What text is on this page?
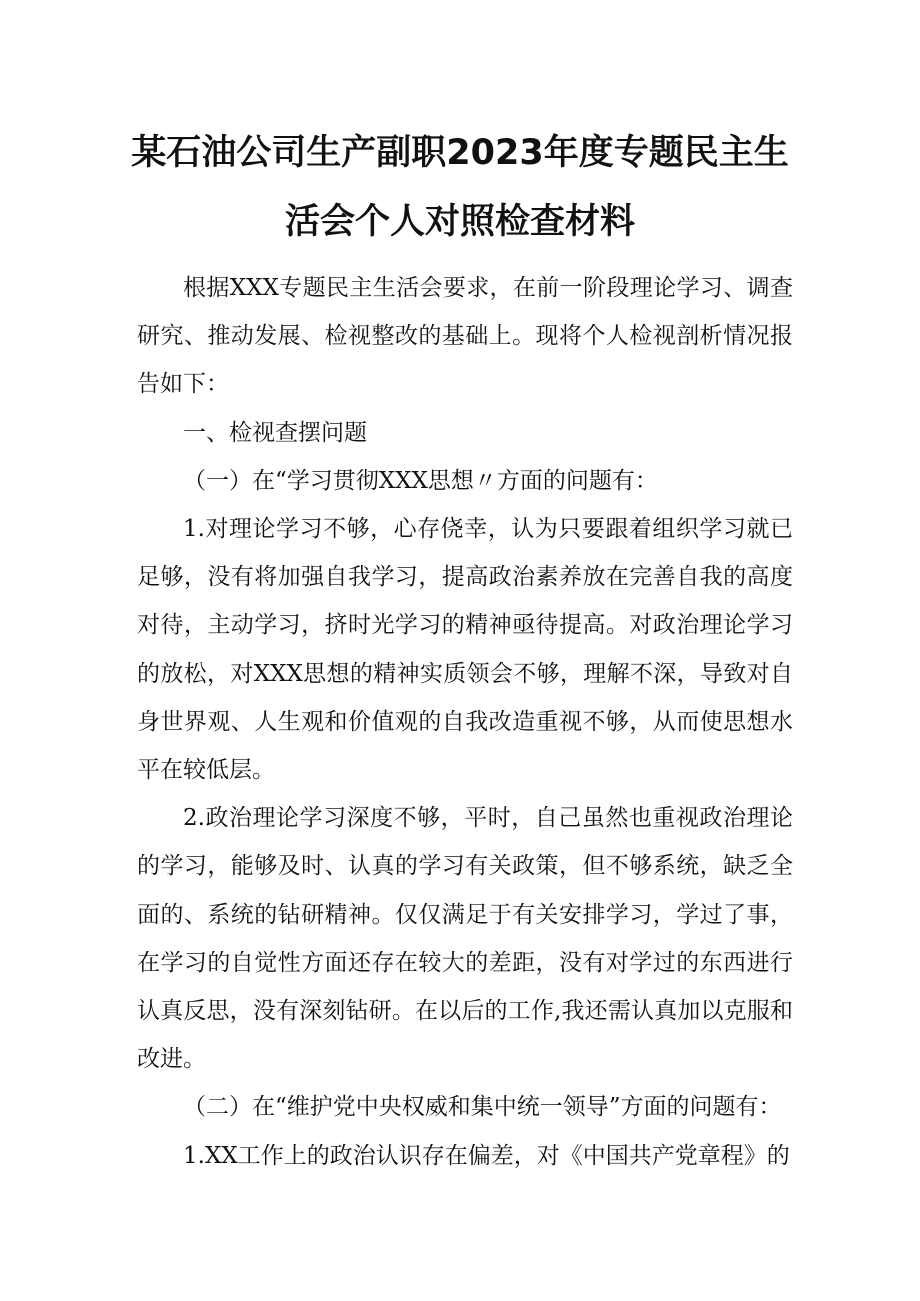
某石油公司生产副职2023年度专题民主生
活会个人对照检查材料

根据XXX专题民主生活会要求，在前一阶段理论学习、调查研究、推动发展、检视整改的基础上。现将个人检视剖析情况报告如下：

一、检视查摆问题

（一）在“学习贯彻XXX思想〃方面的问题有：

1.对理论学习不够，心存侥幸，认为只要跟着组织学习就已足够，没有将加强自我学习，提高政治素养放在完善自我的高度对待，主动学习，挤时光学习的精神亟待提高。对政治理论学习的放松，对XXX思想的精神实质领会不够，理解不深，导致对自身世界观、人生观和价值观的自我改造重视不够，从而使思想水平在较低层。

2.政治理论学习深度不够，平时，自己虽然也重视政治理论的学习，能够及时、认真的学习有关政策，但不够系统，缺乏全面的、系统的钻研精神。仅仅满足于有关安排学习，学过了事，在学习的自觉性方面还存在较大的差距，没有对学过的东西进行认真反思，没有深刻钻研。在以后的工作,我还需认真加以克服和改进。

（二）在“维护党中央权威和集中统一领导”方面的问题有：

1.XX工作上的政治认识存在偏差，对《中国共产党章程》的
